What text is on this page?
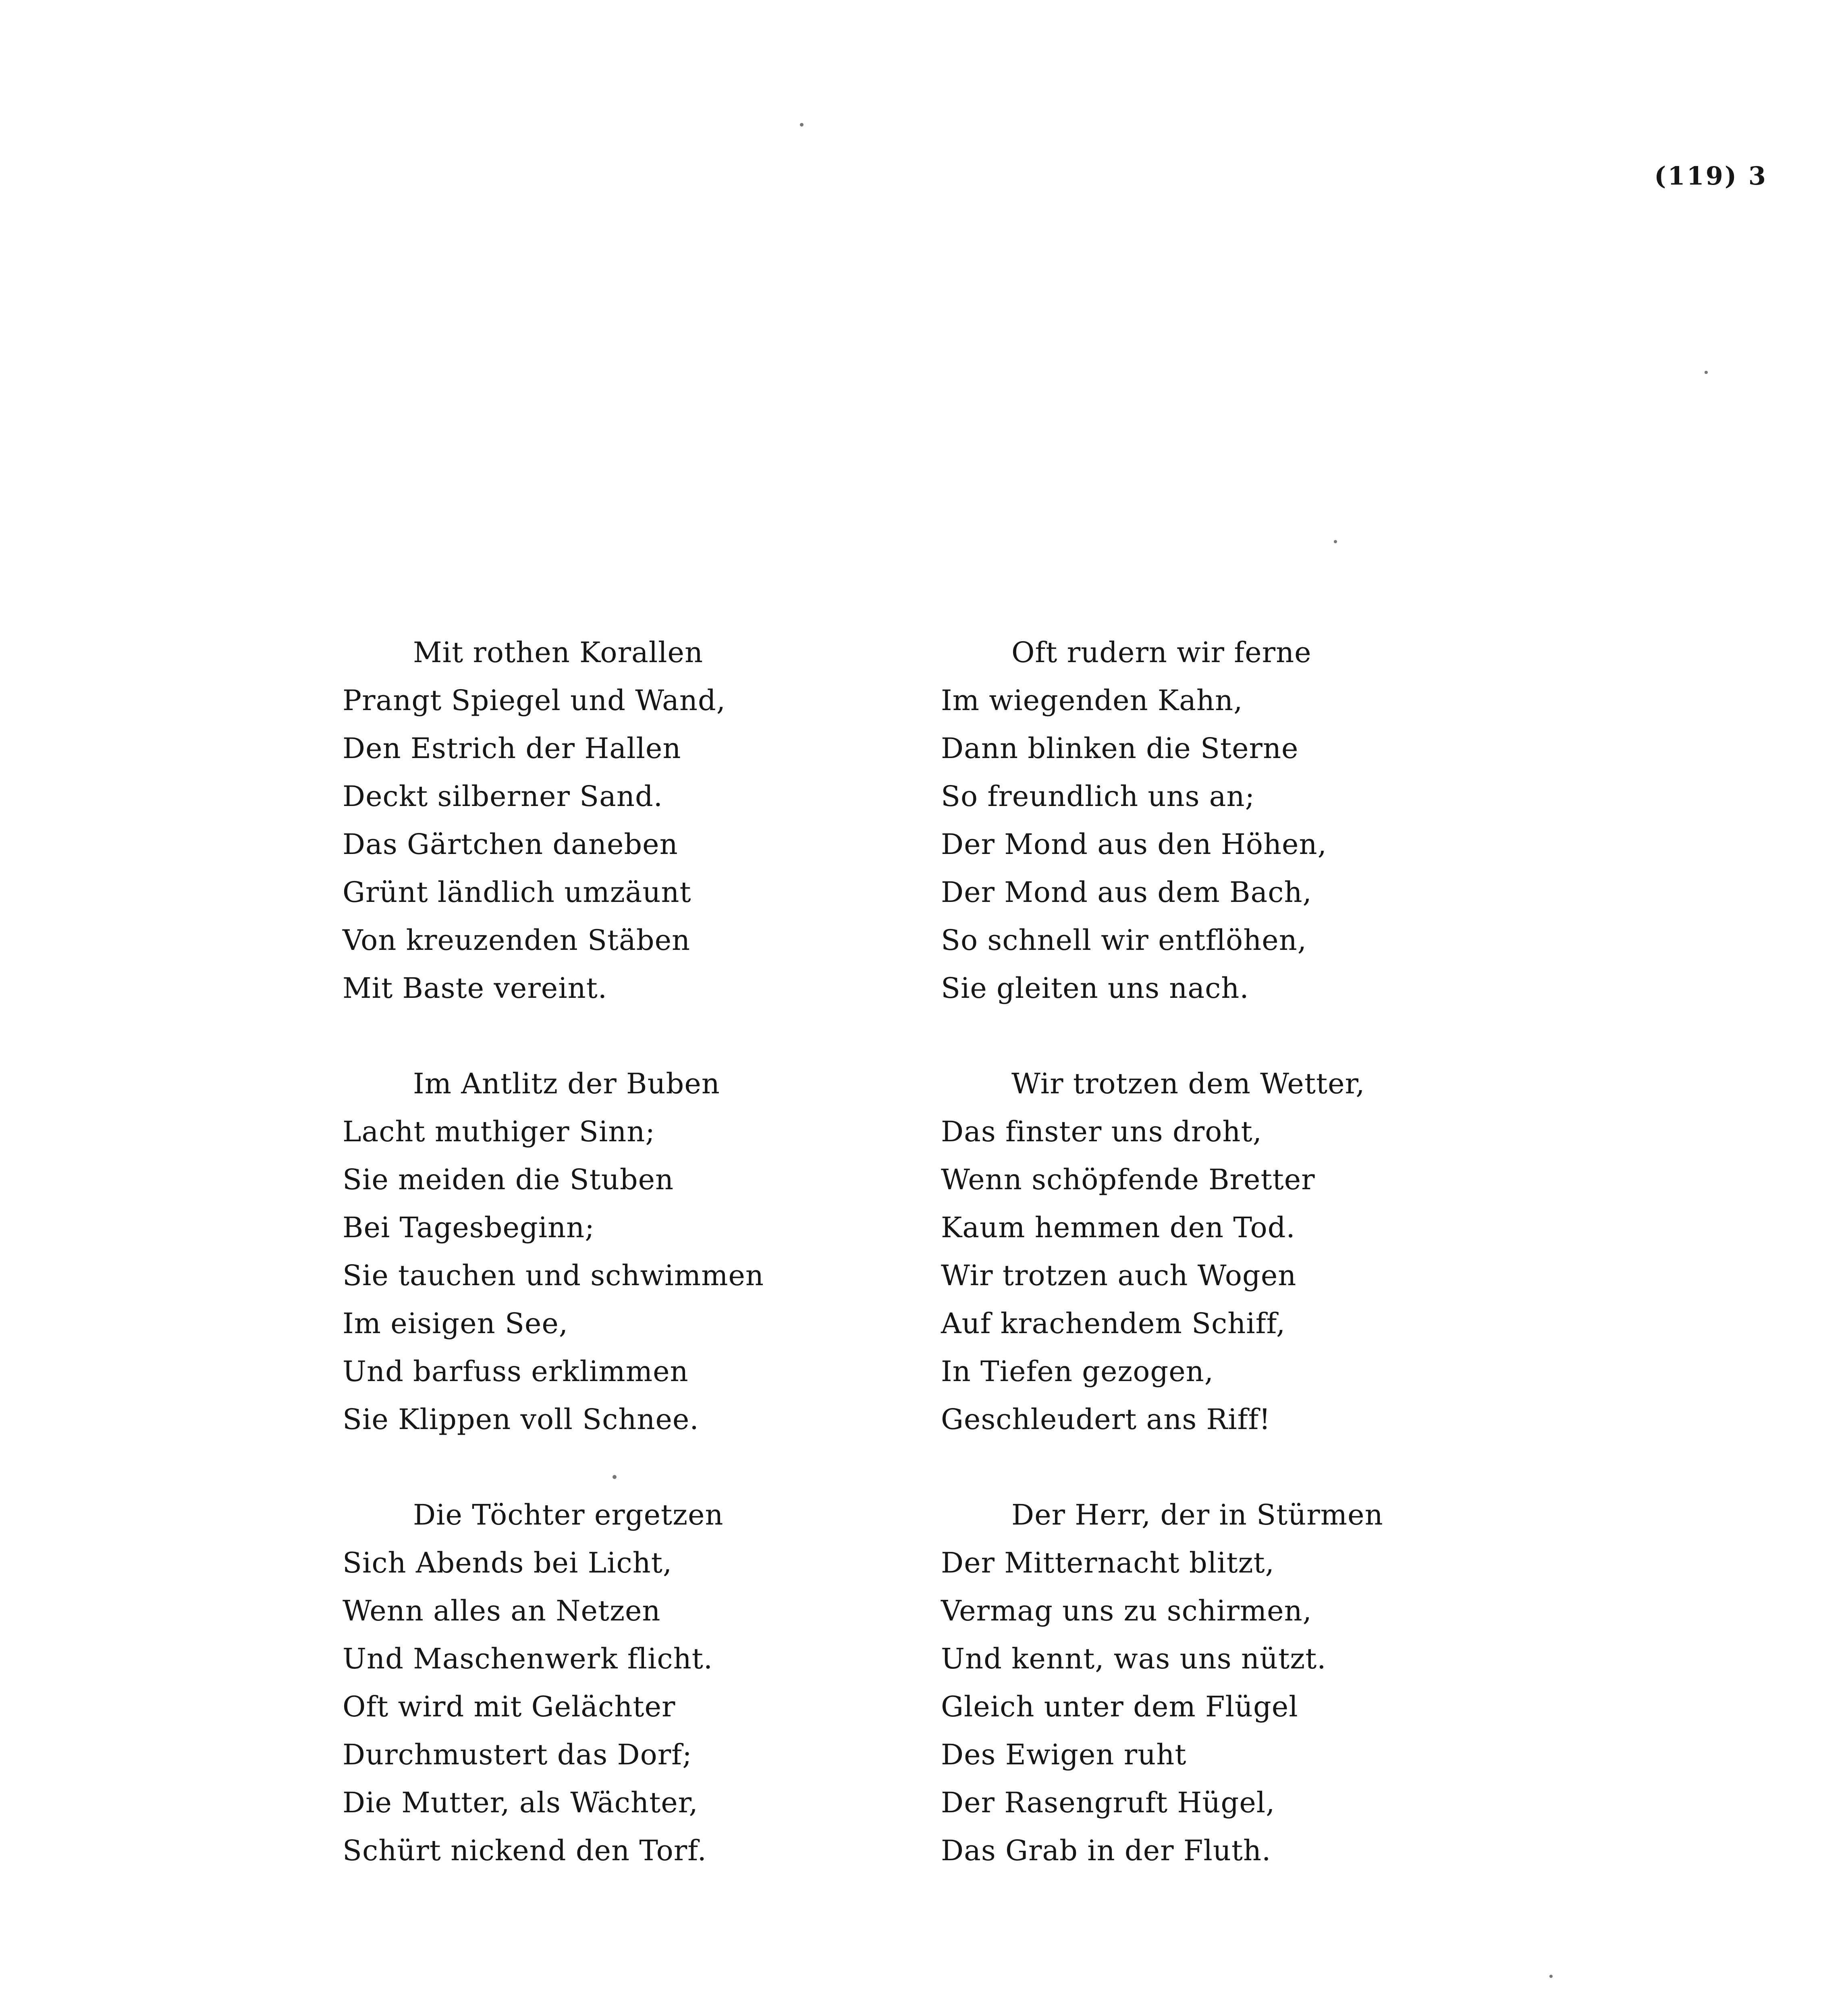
(119) 3
Mit rothen Korallen
Prangt Spiegel und Wand,
Den Estrich der Hallen
Deckt silberner Sand.
Das Gärtchen daneben
Grünt ländlich umzäunt
Von kreuzenden Stäben
Mit Baste vereint.
Im Antlitz der Buben
Lacht muthiger Sinn;
Sie meiden die Stuben
Bei Tagesbeginn;
Sie tauchen und schwimmen
Im eisigen See,
Und barfuss erklimmen
Sie Klippen voll Schnee.
Die Töchter ergetzen
Sich Abends bei Licht,
Wenn alles an Netzen
Und Maschenwerk flicht.
Oft wird mit Gelächter
Durchmustert das Dorf;
Die Mutter, als Wächter,
Schürt nickend den Torf.
Oft rudern wir ferne
Im wiegenden Kahn,
Dann blinken die Sterne
So freundlich uns an;
Der Mond aus den Höhen,
Der Mond aus dem Bach,
So schnell wir entflöhen,
Sie gleiten uns nach.
Wir trotzen dem Wetter,
Das finster uns droht,
Wenn schöpfende Bretter
Kaum hemmen den Tod.
Wir trotzen auch Wogen
Auf krachendem Schiff,
In Tiefen gezogen,
Geschleudert ans Riff!
Der Herr, der in Stürmen
Der Mitternacht blitzt,
Vermag uns zu schirmen,
Und kennt, was uns nützt.
Gleich unter dem Flügel
Des Ewigen ruht
Der Rasengruft Hügel,
Das Grab in der Fluth.
